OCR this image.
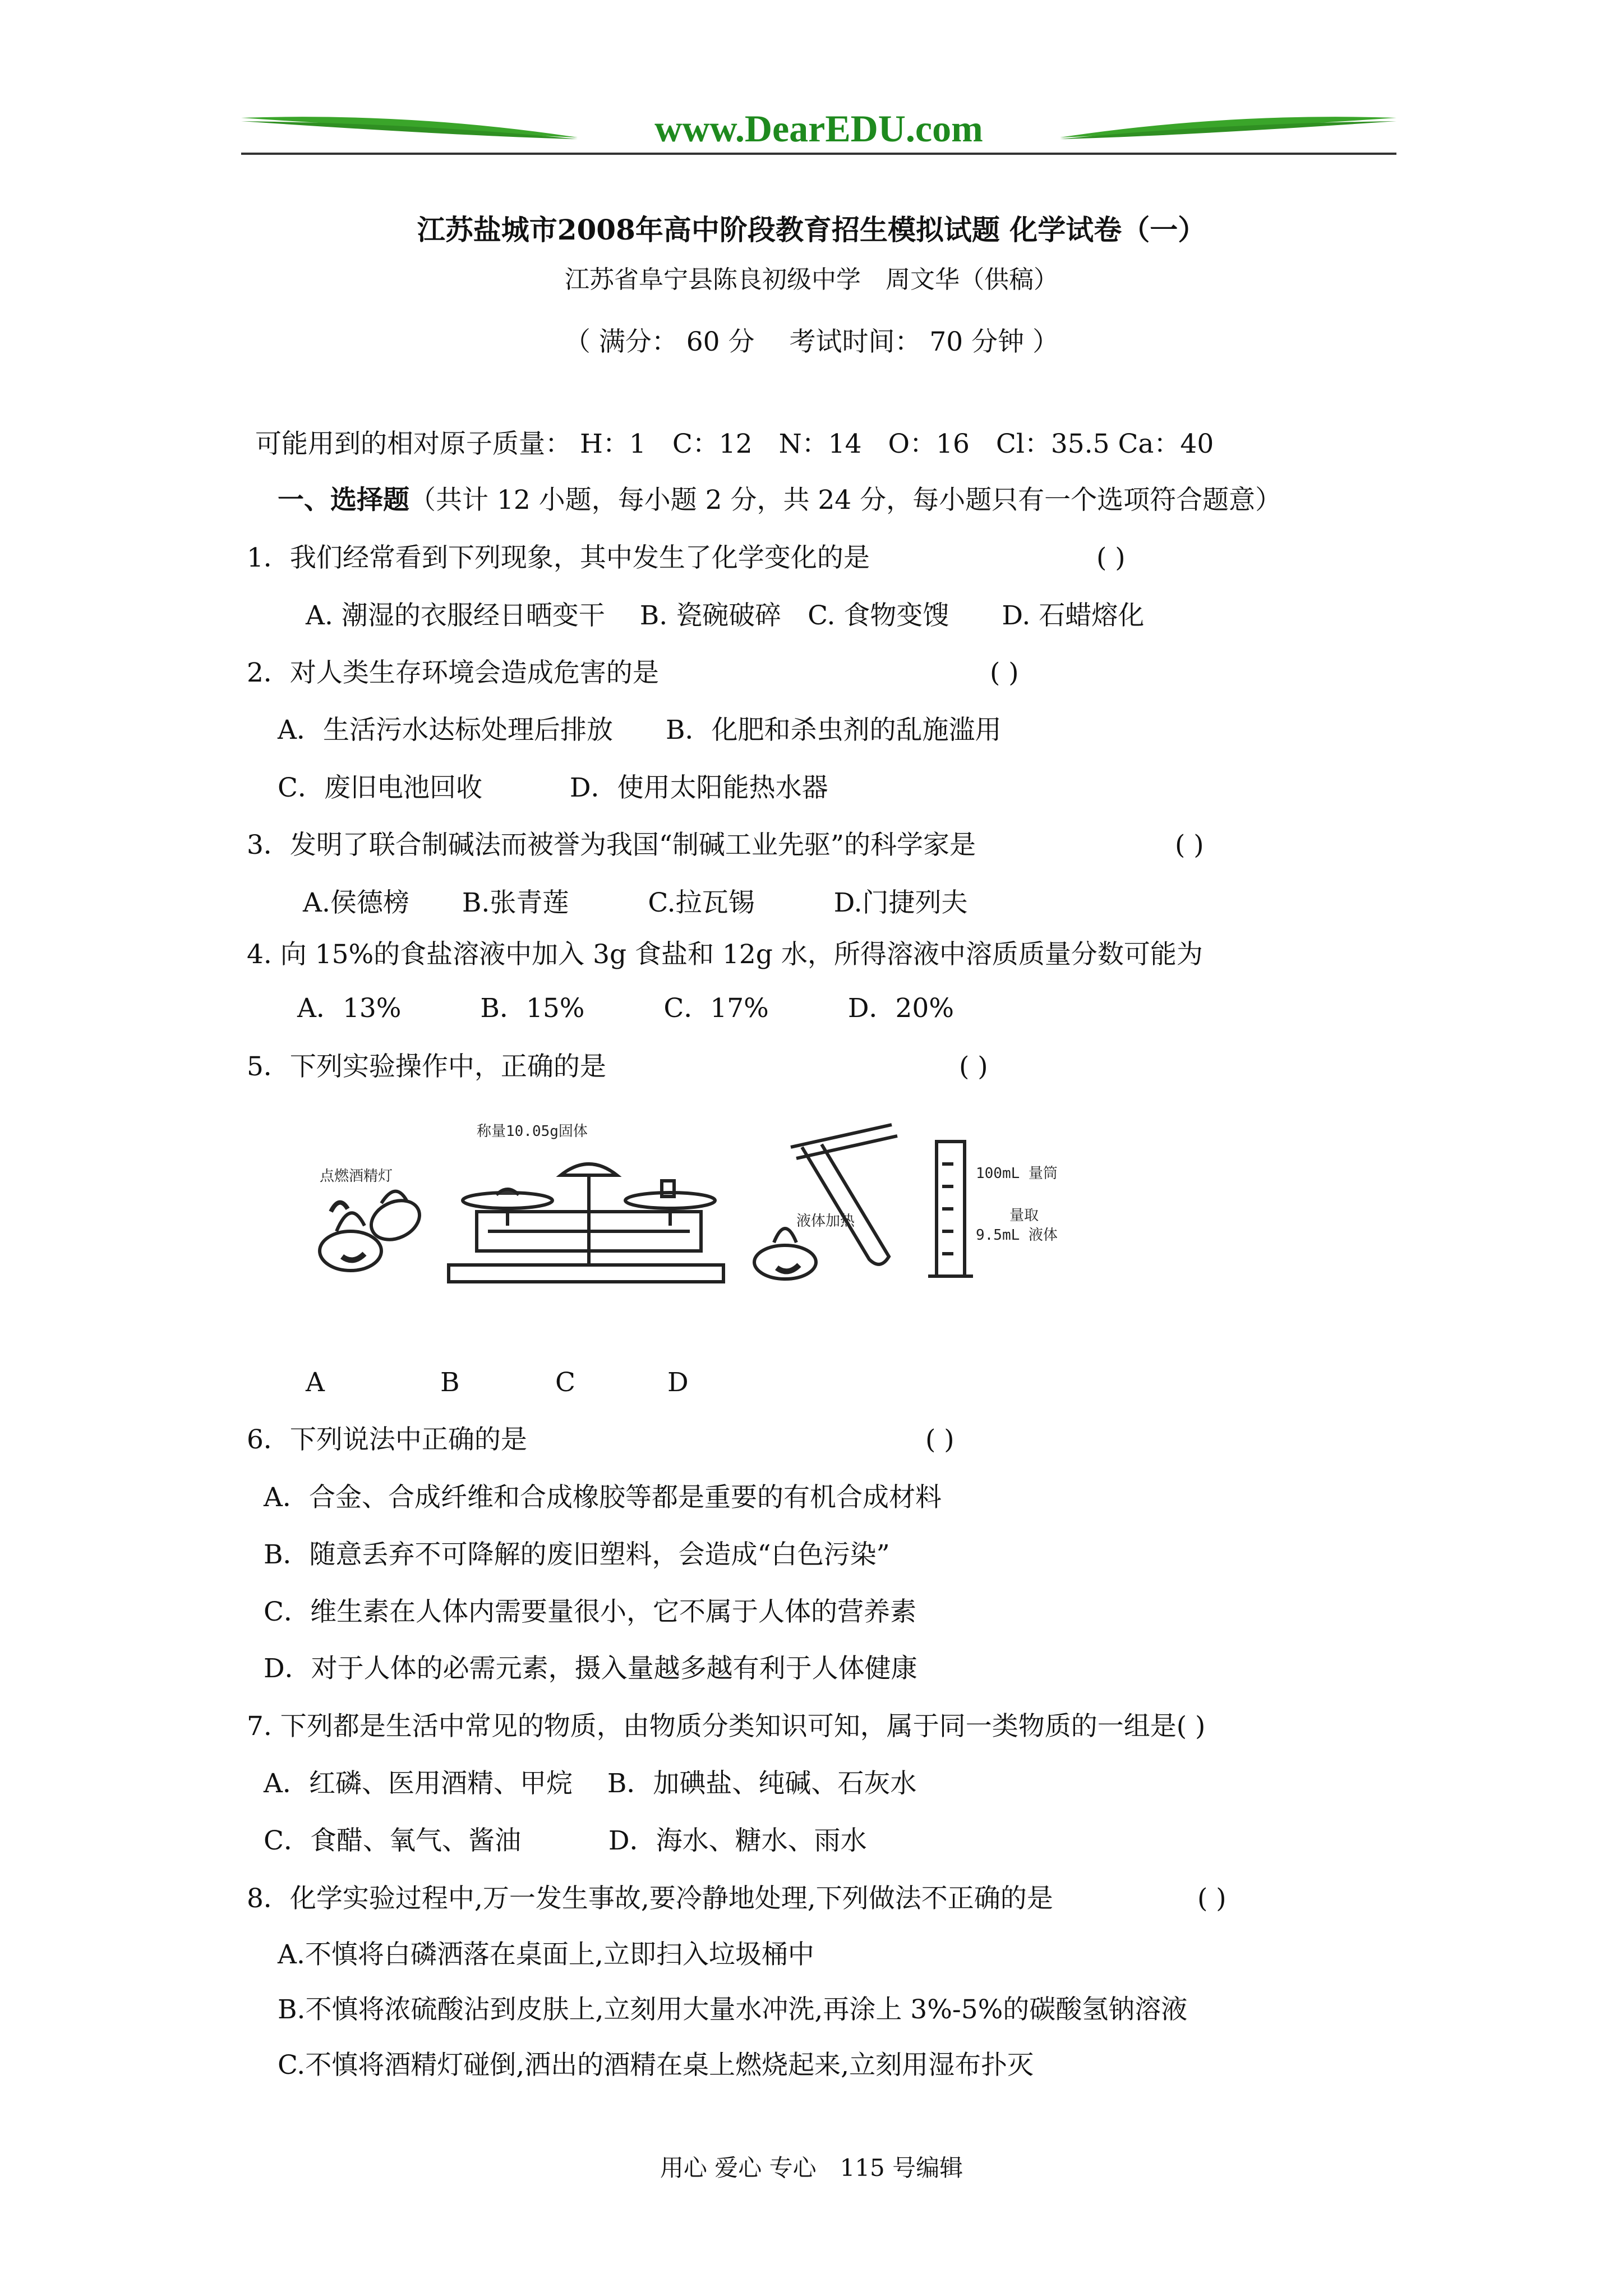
www.DearEDU.com
江苏盐城市2008年高中阶段教育招生模拟试题 化学试卷（一）
江苏省阜宁县陈良初级中学　周文华（供稿）
（ 满分： 60 分 　考试时间： 70 分钟 ）
可能用到的相对原子质量： H：1　C：12　N：14　O：16　Cl：35.5 Ca：40
一、选择题（共计 12 小题，每小题 2 分，共 24 分，每小题只有一个选项符合题意）
1．我们经常看到下列现象，其中发生了化学变化的是	( )
A. 潮湿的衣服经日晒变干　 B. 瓷碗破碎　C. 食物变馊　　D. 石蜡熔化
2．对人类生存环境会造成危害的是	( )
A．生活污水达标处理后排放　　B．化肥和杀虫剂的乱施滥用
C．废旧电池回收　　　 D．使用太阳能热水器
3．发明了联合制碱法而被誉为我国“制碱工业先驱”的科学家是	( )
A.侯德榜　　B.张青莲　　　C.拉瓦锡　　　D.门捷列夫
4. 向 15%的食盐溶液中加入 3g 食盐和 12g 水，所得溶液中溶质质量分数可能为
A．13%　　　B．15%　　　C．17%　　　D．20%
5．下列实验操作中，正确的是	( )
点燃酒精灯
称量10.05g固体
液体加热
100mL 量筒
量取
9.5mL 液体
A	B	C	D
6．下列说法中正确的是	( )
A．合金、合成纤维和合成橡胶等都是重要的有机合成材料
B．随意丢弃不可降解的废旧塑料，会造成“白色污染”
C．维生素在人体内需要量很小，它不属于人体的营养素
D．对于人体的必需元素，摄入量越多越有利于人体健康
7. 下列都是生活中常见的物质，由物质分类知识可知，属于同一类物质的一组是( )
A．红磷、医用酒精、甲烷　 B．加碘盐、纯碱、石灰水
C．食醋、氧气、酱油　　　 D．海水、糖水、雨水
8．化学实验过程中,万一发生事故,要冷静地处理,下列做法不正确的是	( )
A.不慎将白磷洒落在桌面上,立即扫入垃圾桶中
B.不慎将浓硫酸沾到皮肤上,立刻用大量水冲洗,再涂上 3%-5%的碳酸氢钠溶液
C.不慎将酒精灯碰倒,洒出的酒精在桌上燃烧起来,立刻用湿布扑灭
用心 爱心 专心　115 号编辑
